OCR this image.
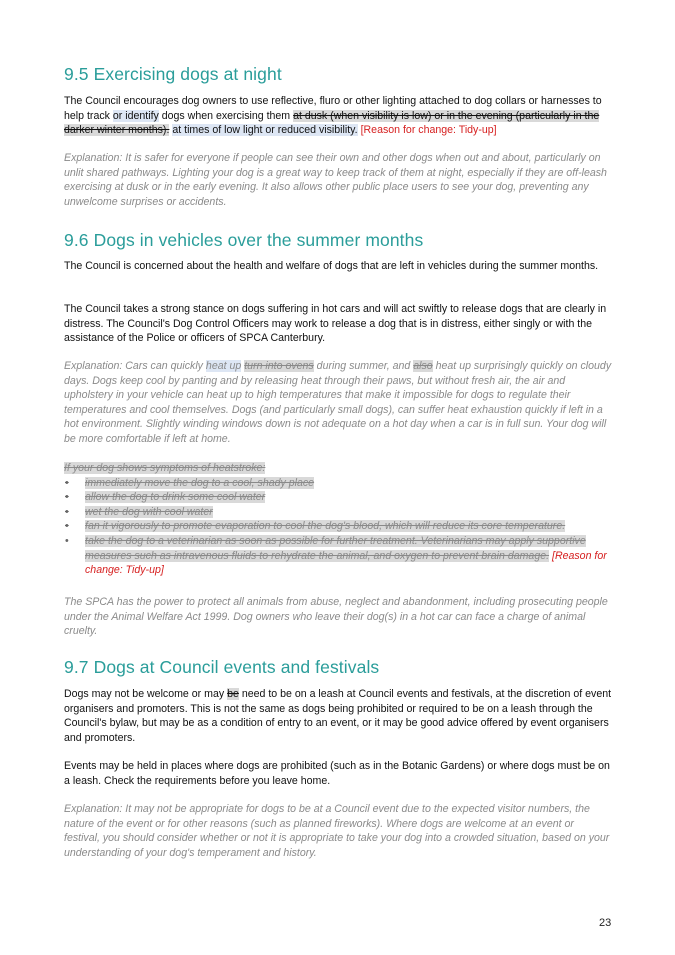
9.5 Exercising dogs at night

The Council encourages dog owners to use reflective, fluro or other lighting attached to dog collars or harnesses to help track or identify dogs when exercising them at dusk (when visibility is low) or in the evening (particularly in the darker winter months). at times of low light or reduced visibility. [Reason for change: Tidy-up]

Explanation: It is safer for everyone if people can see their own and other dogs when out and about, particularly on unlit shared pathways. Lighting your dog is a great way to keep track of them at night, especially if they are off-leash exercising at dusk or in the early evening. It also allows other public place users to see your dog, preventing any unwelcome surprises or accidents.

9.6 Dogs in vehicles over the summer months

The Council is concerned about the health and welfare of dogs that are left in vehicles during the summer months.

The Council takes a strong stance on dogs suffering in hot cars and will act swiftly to release dogs that are clearly in distress. The Council's Dog Control Officers may work to release a dog that is in distress, either singly or with the assistance of the Police or officers of SPCA Canterbury.

Explanation: Cars can quickly heat up turn into ovens during summer, and also heat up surprisingly quickly on cloudy days. Dogs keep cool by panting and by releasing heat through their paws, but without fresh air, the air and upholstery in your vehicle can heat up to high temperatures that make it impossible for dogs to regulate their temperatures and cool themselves. Dogs (and particularly small dogs), can suffer heat exhaustion quickly if left in a hot environment. Slightly winding windows down is not adequate on a hot day when a car is in full sun. Your dog will be more comfortable if left at home.

If your dog shows symptoms of heatstroke:
• immediately move the dog to a cool, shady place
• allow the dog to drink some cool water
• wet the dog with cool water
• fan it vigorously to promote evaporation to cool the dog's blood, which will reduce its core temperature.
• take the dog to a veterinarian as soon as possible for further treatment. Veterinarians may apply supportive measures such as intravenous fluids to rehydrate the animal, and oxygen to prevent brain damage. [Reason for change: Tidy-up]

The SPCA has the power to protect all animals from abuse, neglect and abandonment, including prosecuting people under the Animal Welfare Act 1999. Dog owners who leave their dog(s) in a hot car can face a charge of animal cruelty.

9.7 Dogs at Council events and festivals

Dogs may not be welcome or may be need to be on a leash at Council events and festivals, at the discretion of event organisers and promoters. This is not the same as dogs being prohibited or required to be on a leash through the Council's bylaw, but may be as a condition of entry to an event, or it may be good advice offered by event organisers and promoters.

Events may be held in places where dogs are prohibited (such as in the Botanic Gardens) or where dogs must be on a leash. Check the requirements before you leave home.

Explanation: It may not be appropriate for dogs to be at a Council event due to the expected visitor numbers, the nature of the event or for other reasons (such as planned fireworks). Where dogs are welcome at an event or festival, you should consider whether or not it is appropriate to take your dog into a crowded situation, based on your understanding of your dog's temperament and history.

23
